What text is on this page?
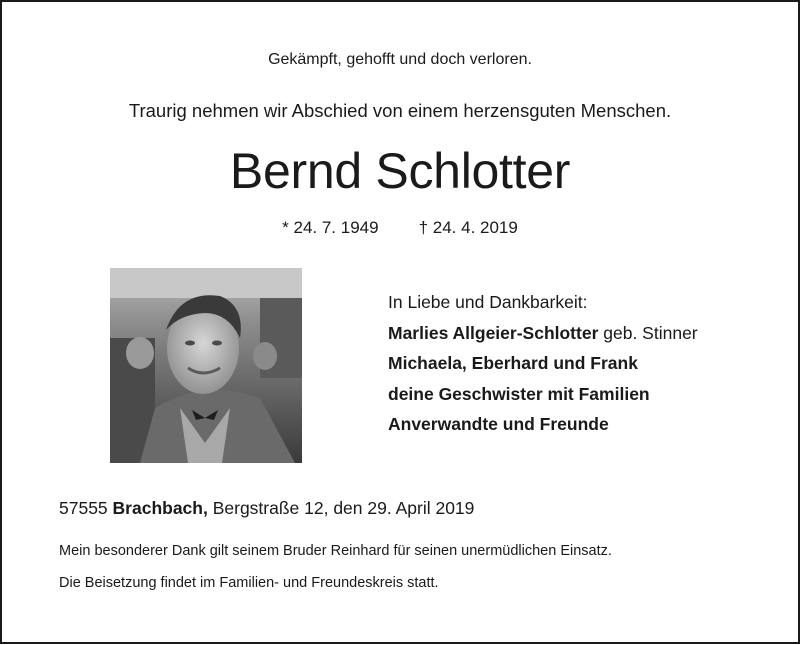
Gekämpft, gehofft und doch verloren.
Traurig nehmen wir Abschied von einem herzensguten Menschen.
Bernd Schlotter
* 24. 7. 1949 † 24. 4. 2019
In Liebe und Dankbarkeit:
Marlies Allgeier-Schlotter geb. Stinner
Michaela, Eberhard und Frank
deine Geschwister mit Familien
Anverwandte und Freunde
57555 Brachbach, Bergstraße 12, den 29. April 2019
Mein besonderer Dank gilt seinem Bruder Reinhard für seinen unermüdlichen Einsatz.
Die Beisetzung findet im Familien- und Freundeskreis statt.
